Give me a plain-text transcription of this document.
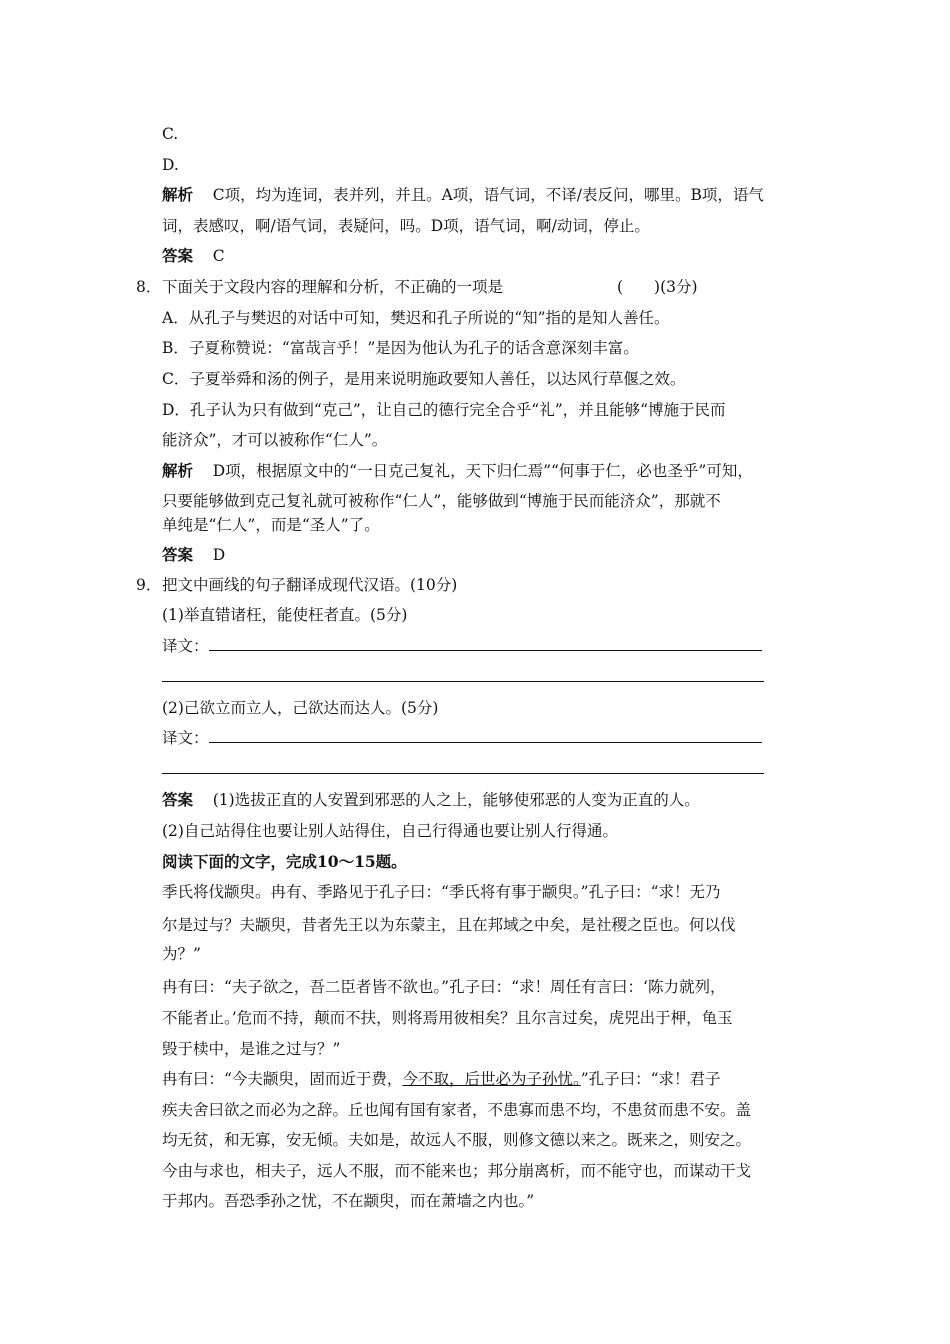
C.
D.
解析 C项，均为连词，表并列，并且。A项，语气词，不译/表反问，哪里。B项，语气
词，表感叹，啊/语气词，表疑问，吗。D项，语气词，啊/动词，停止。
答案 C
8． 下面关于文段内容的理解和分析，不正确的一项是	(　　)(3分)
A．从孔子与樊迟的对话中可知，樊迟和孔子所说的“知”指的是知人善任。
B．子夏称赞说：“富哉言乎！”是因为他认为孔子的话含意深刻丰富。
C．子夏举舜和汤的例子，是用来说明施政要知人善任，以达风行草偃之效。
D．孔子认为只有做到“克己”，让自己的德行完全合乎“礼”，并且能够“博施于民而
能济众”，才可以被称作“仁人”。
解析 D项，根据原文中的“一日克己复礼，天下归仁焉”“何事于仁，必也圣乎”可知，
只要能够做到克己复礼就可被称作“仁人”，能够做到“博施于民而能济众”，那就不
单纯是“仁人”，而是“圣人”了。
答案 D
9． 把文中画线的句子翻译成现代汉语。(10分)
(1)举直错诸枉，能使枉者直。(5分)
译文：
(2)己欲立而立人，己欲达而达人。(5分)
译文：
答案 (1)选拔正直的人安置到邪恶的人之上，能够使邪恶的人变为正直的人。
(2)自己站得住也要让别人站得住，自己行得通也要让别人行得通。
阅读下面的文字，完成10～15题。
季氏将伐颛臾。冉有、季路见于孔子曰：“季氏将有事于颛臾。”孔子曰：“求！无乃
尔是过与？夫颛臾，昔者先王以为东蒙主，且在邦域之中矣，是社稷之臣也。何以伐
为？”
冉有曰：“夫子欲之，吾二臣者皆不欲也。”孔子曰：“求！周任有言曰：‘陈力就列，
不能者止。’危而不持，颠而不扶，则将焉用彼相矣？且尔言过矣，虎兕出于柙，龟玉
毁于椟中，是谁之过与？”
冉有曰：“今夫颛臾，固而近于费，今不取，后世必为子孙忧。”孔子曰：“求！君子
疾夫舍曰欲之而必为之辞。丘也闻有国有家者，不患寡而患不均，不患贫而患不安。盖
均无贫，和无寡，安无倾。夫如是，故远人不服，则修文德以来之。既来之，则安之。
今由与求也，相夫子，远人不服，而不能来也；邦分崩离析，而不能守也，而谋动干戈
于邦内。吾恐季孙之忧，不在颛臾，而在萧墙之内也。”
